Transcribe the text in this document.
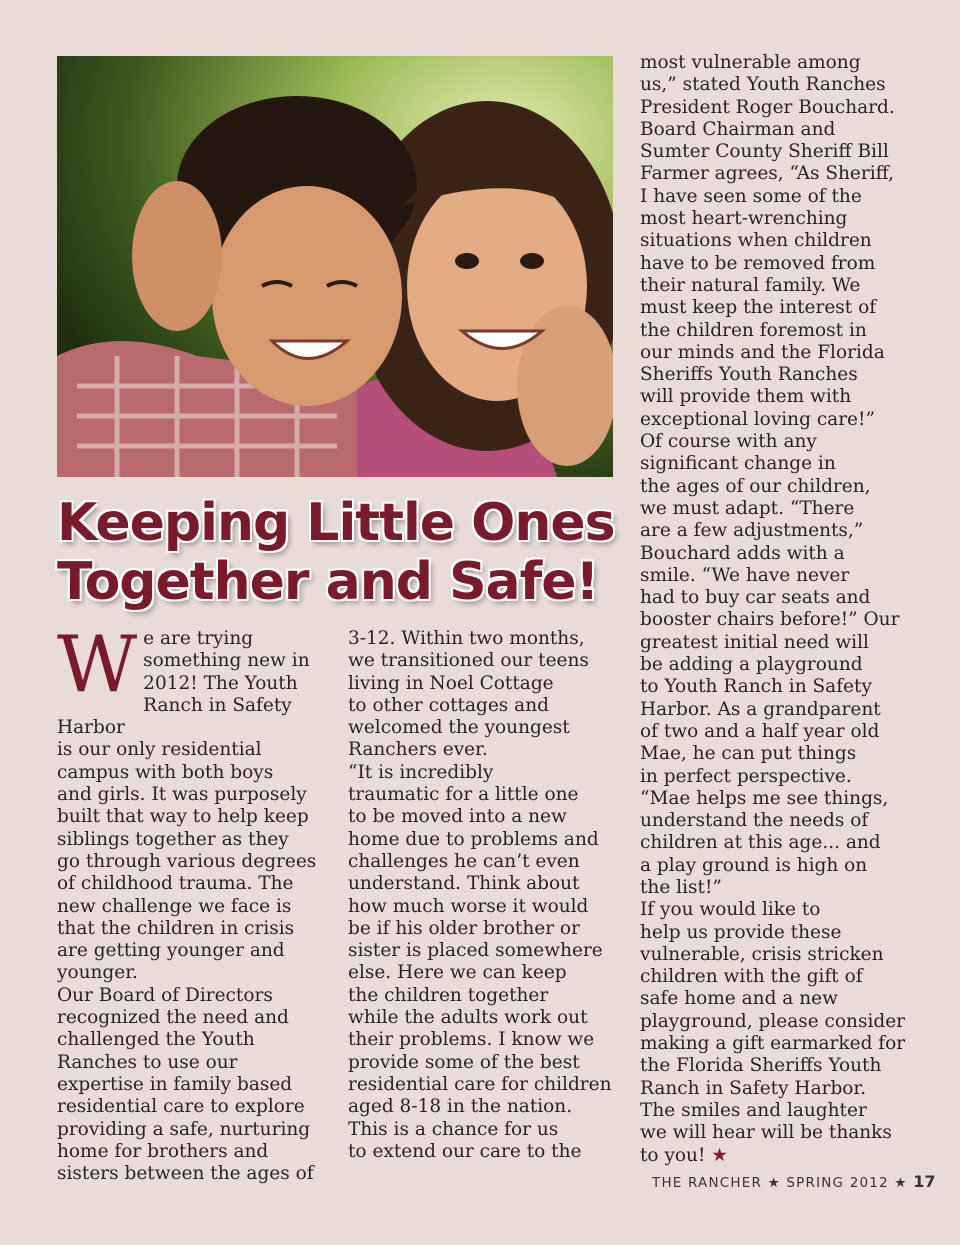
Keeping Little Ones Together and Safe!
We are trying
something new in
2012! The Youth
Ranch in Safety Harbor
is our only residential
campus with both boys
and girls. It was purposely
built that way to help keep
siblings together as they
go through various degrees
of childhood trauma. The
new challenge we face is
that the children in crisis
are getting younger and
younger.
Our Board of Directors
recognized the need and
challenged the Youth
Ranches to use our
expertise in family based
residential care to explore
providing a safe, nurturing
home for brothers and
sisters between the ages of
3-12. Within two months,
we transitioned our teens
living in Noel Cottage
to other cottages and
welcomed the youngest
Ranchers ever.
“It is incredibly
traumatic for a little one
to be moved into a new
home due to problems and
challenges he can’t even
understand. Think about
how much worse it would
be if his older brother or
sister is placed somewhere
else. Here we can keep
the children together
while the adults work out
their problems. I know we
provide some of the best
residential care for children
aged 8-18 in the nation.
This is a chance for us
to extend our care to the
most vulnerable among
us,” stated Youth Ranches
President Roger Bouchard.
Board Chairman and
Sumter County Sheriff Bill
Farmer agrees, “As Sheriff,
I have seen some of the
most heart-wrenching
situations when children
have to be removed from
their natural family. We
must keep the interest of
the children foremost in
our minds and the Florida
Sheriffs Youth Ranches
will provide them with
exceptional loving care!”
Of course with any
significant change in
the ages of our children,
we must adapt. “There
are a few adjustments,”
Bouchard adds with a
smile. “We have never
had to buy car seats and
booster chairs before!” Our
greatest initial need will
be adding a playground
to Youth Ranch in Safety
Harbor. As a grandparent
of two and a half year old
Mae, he can put things
in perfect perspective.
“Mae helps me see things,
understand the needs of
children at this age... and
a play ground is high on
the list!”
If you would like to
help us provide these
vulnerable, crisis stricken
children with the gift of
safe home and a new
playground, please consider
making a gift earmarked for
the Florida Sheriffs Youth
Ranch in Safety Harbor.
The smiles and laughter
we will hear will be thanks
to you! ★
THE RANCHER ★ SPRING 2012 ★ 17
